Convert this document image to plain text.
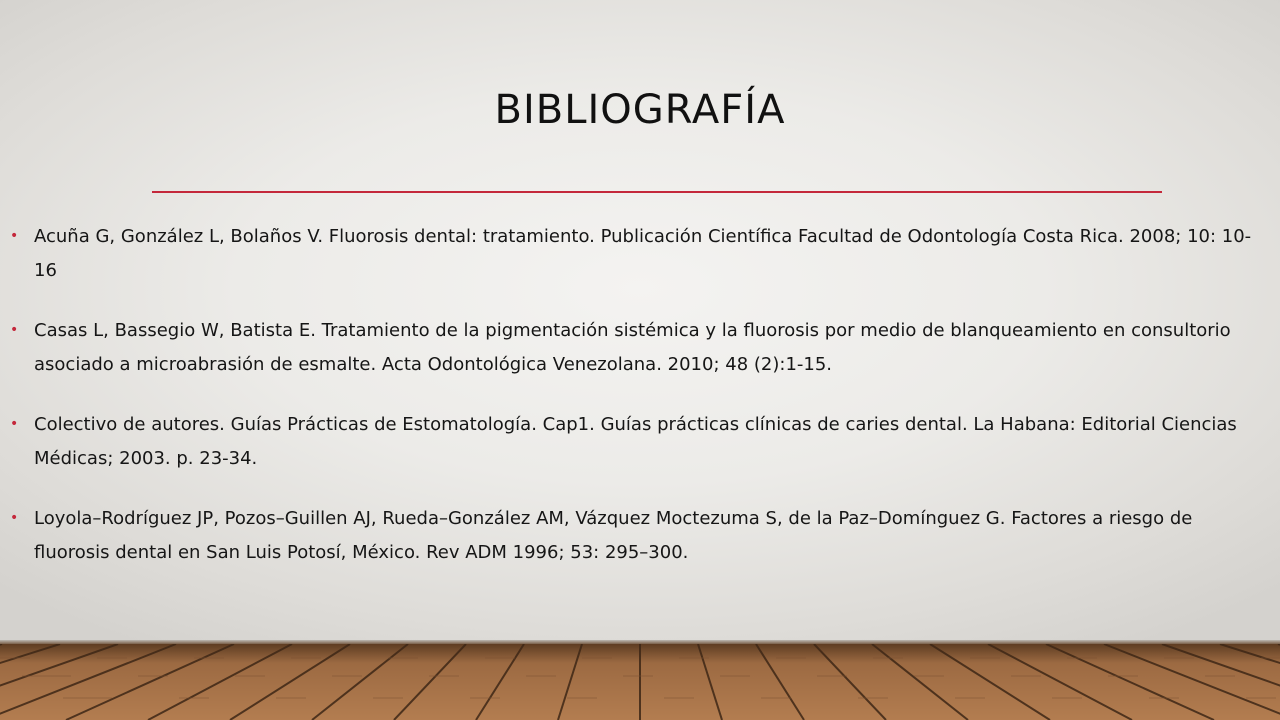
BIBLIOGRAFÍA
• Acuña G, González L, Bolaños V. Fluorosis dental: tratamiento. Publicación Científica Facultad de Odontología Costa Rica. 2008; 10: 10-16
• Casas L, Bassegio W, Batista E. Tratamiento de la pigmentación sistémica y la fluorosis por medio de blanqueamiento en consultorio asociado a microabrasión de esmalte. Acta Odontológica Venezolana. 2010; 48 (2):1-15.
• Colectivo de autores. Guías Prácticas de Estomatología. Cap1. Guías prácticas clínicas de caries dental. La Habana: Editorial Ciencias Médicas; 2003. p. 23-34.
• Loyola–Rodríguez JP, Pozos–Guillen AJ, Rueda–González AM, Vázquez Moctezuma S, de la Paz–Domínguez G. Factores a riesgo de fluorosis dental en San Luis Potosí, México. Rev ADM 1996; 53: 295–300.
